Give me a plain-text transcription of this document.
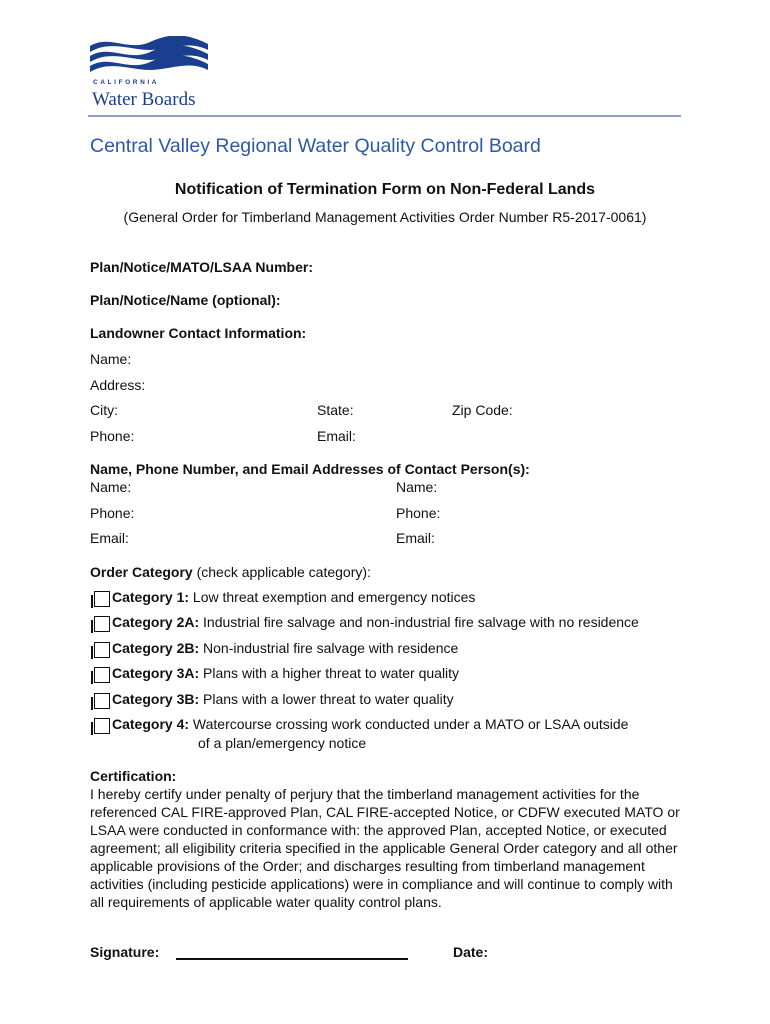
CALIFORNIA
Water Boards
Central Valley Regional Water Quality Control Board
Notification of Termination Form on Non-Federal Lands
(General Order for Timberland Management Activities Order Number R5-2017-0061)
Plan/Notice/MATO/LSAA Number:
Plan/Notice/Name (optional):
Landowner Contact Information:
Name:
Address:
City:	State:	Zip Code:
Phone:	Email:
Name, Phone Number, and Email Addresses of Contact Person(s):
Name:	Name:
Phone:	Phone:
Email:	Email:
Order Category (check applicable category):
Category 1: Low threat exemption and emergency notices
Category 2A: Industrial fire salvage and non-industrial fire salvage with no residence
Category 2B: Non-industrial fire salvage with residence
Category 3A: Plans with a higher threat to water quality
Category 3B: Plans with a lower threat to water quality
Category 4: Watercourse crossing work conducted under a MATO or LSAA outside
of a plan/emergency notice
Certification:
I hereby certify under penalty of perjury that the timberland management activities for the referenced CAL FIRE-approved Plan, CAL FIRE-accepted Notice, or CDFW executed MATO or LSAA were conducted in conformance with: the approved Plan, accepted Notice, or executed agreement; all eligibility criteria specified in the applicable General Order category and all other applicable provisions of the Order; and discharges resulting from timberland management activities (including pesticide applications) were in compliance and will continue to comply with all requirements of applicable water quality control plans.
Signature:	Date:
